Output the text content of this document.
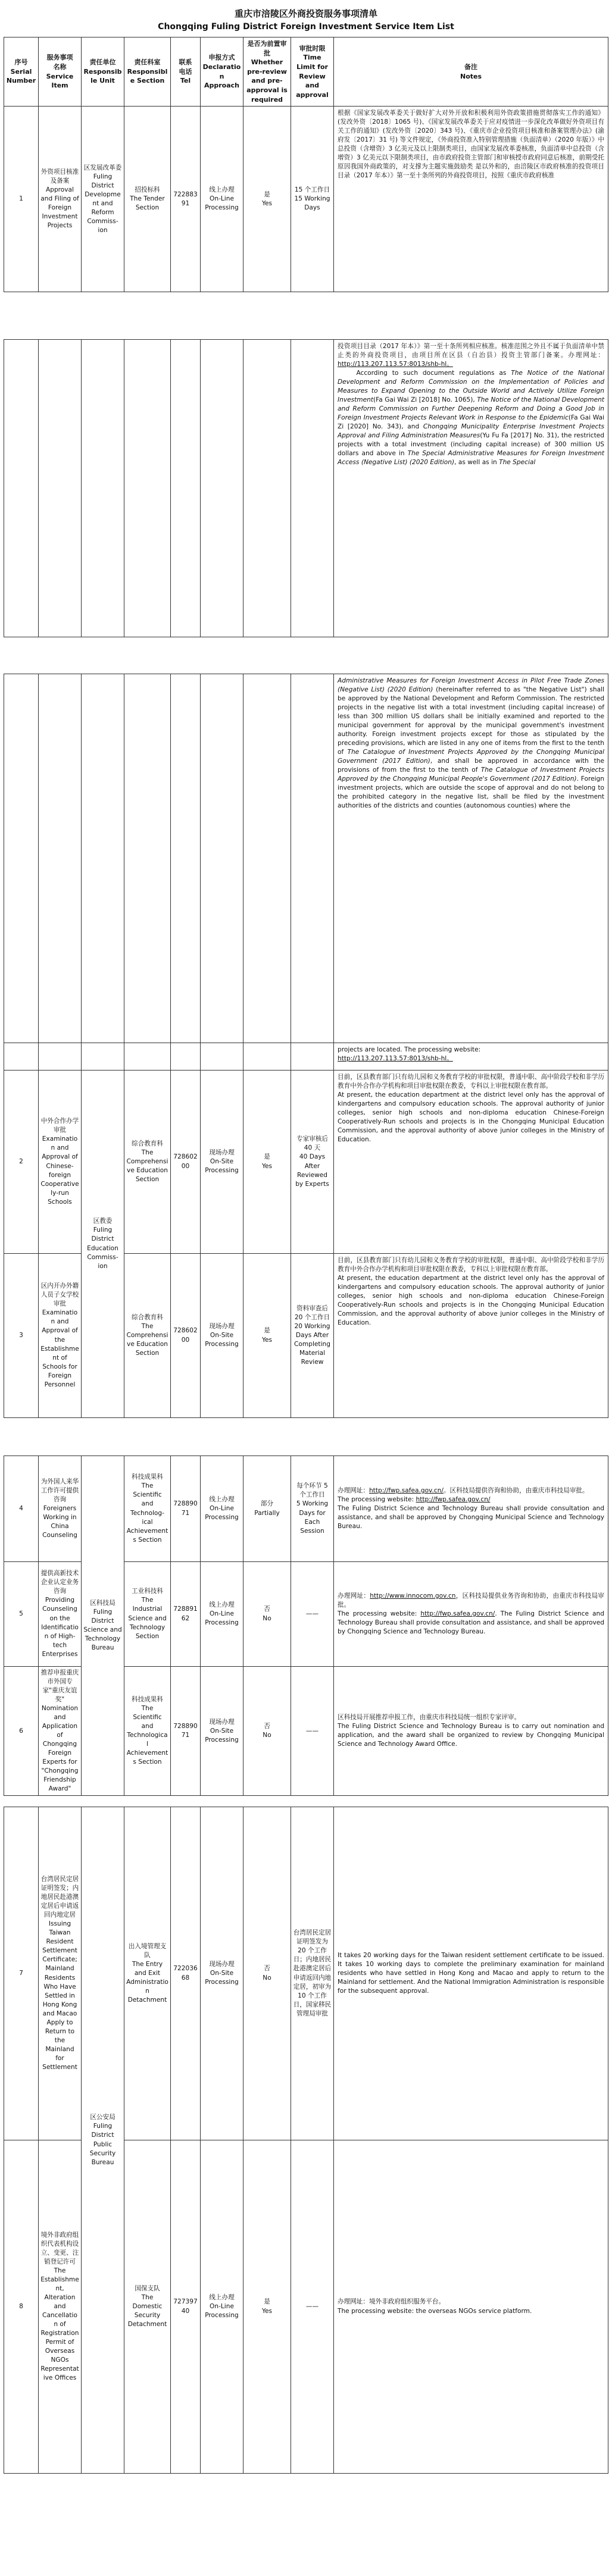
重庆市涪陵区外商投资服务事项清单
Chongqing Fuling District Foreign Investment Service Item List
序号
Serial Number	服务事项
名称
Service Item	责任单位
Responsible Unit	责任科室
Responsible Section	联系
电话
Tel	申报方式
Declaration Approach	是否为前置审批
Whether pre-review and pre-approval is required	审批时限
Time Limit for Review and approval	备注
Notes
1	外资项目核准及备案
Approval and Filing of Foreign Investment Projects	区发展改革委
Fuling District Development and Reform Commiss-ion	招投标科
The Tender Section	72288391	线上办理
On-Line Processing	是
Yes	15 个工作日
15 Working Days	根据《国家发展改革委关于做好扩大对外开放和积极利用外资政策措施贯彻落实工作的通知》(发改外资〔2018〕1065 号)、《国家发展改革委关于应对疫情进一步深化改革做好外资项目有关工作的通知》(发改外资〔2020〕343 号)、《重庆市企业投资项目核准和备案管理办法》(渝府发〔2017〕31 号) 等文件规定，《外商投资准入特别管理措施（负面清单）（2020 年版）》中总投资（含增资）3 亿美元及以上限制类项目，由国家发展改革委核准，负面清单中总投资（含增资）3 亿美元以下限制类项目，由市政府投资主管部门和审核授市政府同意后核准，前期受托原因我国外商政策的，对支撑为主题实施鼓励类 是以外和的，由涪陵区市政府核准的投资项目目录（2017 年本）》第一至十条所列的外商投资项目，按照《重庆市政府核准
								投资项目目录（2017 年本）》第一至十条所列相应核准。核准范围之外且不属于负面清单中禁止类的外商投资项目，由项目所在区县（自治县）投资主管部门备案。办理网址：http://113.207.113.57:8013/shb-hl。
According to such document regulations as The Notice of the National Development and Reform Commission on the Implementation of Policies and Measures to Expand Opening to the Outside World and Actively Utilize Foreign Investment(Fa Gai Wai Zi [2018] No. 1065), The Notice of the National Development and Reform Commission on Further Deepening Reform and Doing a Good Job in Foreign Investment Projects Relevant Work in Response to the Epidemic(Fa Gai Wai Zi [2020] No. 343), and Chongqing Municipality Enterprise Investment Projects Approval and Filing Administration Measures(Yu Fu Fa [2017] No. 31), the restricted projects with a total investment (including capital increase) of 300 million US dollars and above in The Special Administrative Measures for Foreign Investment Access (Negative List) (2020 Edition), as well as in The Special
								Administrative Measures for Foreign Investment Access in Pilot Free Trade Zones (Negative List) (2020 Edition) (hereinafter referred to as "the Negative List") shall be approved by the National Development and Reform Commission. The restricted projects in the negative list with a total investment (including capital increase) of less than 300 million US dollars shall be initially examined and reported to the municipal government for approval by the municipal government's investment authority. Foreign investment projects except for those as stipulated by the preceding provisions, which are listed in any one of items from the first to the tenth of The Catalogue of Investment Projects Approved by the Chongqing Municipal Government (2017 Edition), and shall be approved in accordance with the provisions of from the first to the tenth of The Catalogue of Investment Projects Approved by the Chongqing Municipal People's Government (2017 Edition). Foreign investment projects, which are outside the scope of approval and do not belong to the prohibited category in the negative list, shall be filed by the investment authorities of the districts and counties (autonomous counties) where the
								projects are located. The processing website:
http://113.207.113.57:8013/shb-hl。
2	中外合作办学审批
Examination and Approval of Chinese-foreign Cooperatively-run Schools	区教委
Fuling District Education Commiss-ion	综合教育科
The Comprehensive Education Section	72860200	现场办理
On-Site Processing	是
Yes	专家审核后 40 天
40 Days After Reviewed by Experts	目前，区县教育部门只有幼儿园和义务教育学校的审批权限，普通中职、高中阶段学校和非学历教育中外合作办学机构和项目审批权限在教委，专科以上审批权限在教育部。
At present, the education department at the district level only has the approval of kindergartens and compulsory education schools. The approval authority of junior colleges, senior high schools and non-diploma education Chinese-Foreign Cooperatively-Run schools and projects is in the Chongqing Municipal Education Commission, and the approval authority of above junior colleges in the Ministry of Education.
3	区内开办外籍人员子女学校审批
Examination and Approval of the Establishment of Schools for Foreign Personnel		综合教育科
The Comprehensive Education Section	72860200	现场办理
On-Site Processing	是
Yes	资料审查后 20 个工作日
20 Working Days After Completing Material Review	目前，区县教育部门只有幼儿园和义务教育学校的审批权限，普通中职、高中阶段学校和非学历教育中外合作办学机构和项目审批权限在教委，专科以上审批权限在教育部。
At present, the education department at the district level only has the approval of kindergartens and compulsory education schools. The approval authority of junior colleges, senior high schools and non-diploma education Chinese-Foreign Cooperatively-Run schools and projects is in the Chongqing Municipal Education Commission, and the approval authority of above junior colleges in the Ministry of Education.
4	为外国人来华工作许可提供咨询
Foreigners Working in China Counseling	区科技局
Fuling District Science and Technology Bureau	科技成果科
The Scientific and Technolog-ical Achievements Section	72889071	线上办理
On-Line Processing	部分
Partially	每个环节 5 个工作日
5 Working Days for Each Session	办理网址：http://fwp.safea.gov.cn/。区科技局提供咨询和协助，由重庆市科技局审批。
The processing website: http://fwp.safea.gov.cn/
The Fuling District Science and Technology Bureau shall provide consultation and assistance, and shall be approved by Chongqing Municipal Science and Technology Bureau.
5	提供高新技术企业认定业务咨询
Providing Counseling on the Identification of High-tech Enterprises		工业科技科
The Industrial Science and Technology Section	72889162	线上办理
On-Line Processing	否
No	——	办理网址：http://www.innocom.gov.cn，区科技局提供业务咨询和协助，由重庆市科技局审批。
The processing website: http://fwp.safea.gov.cn/. The Fuling District Science and Technology Bureau shall provide consultation and assistance, and shall be approved by Chongqing Science and Technology Bureau.
6	推荐申报重庆市外国专家"重庆友谊奖"
Nomination and Application of Chongqing Foreign Experts for "Chongqing Friendship Award"		科技成果科
The Scientific and Technological Achievements Section	72889071	现场办理
On-Site Processing	否
No	——	区科技局开展推荐申报工作，由重庆市科技局统一组织专家评审。
The Fuling District Science and Technology Bureau is to carry out nomination and application, and the award shall be organized to review by Chongqing Municipal Science and Technology Award Office.
7	台湾居民定居证明签发；内地居民赴港澳定居后申请返回内地定居
Issuing Taiwan Resident Settlement Certificate; Mainland Residents Who Have Settled in Hong Kong and Macao Apply to Return to the Mainland for Settlement	区公安局
Fuling District Public Security Bureau	出入境管理支队
The Entry and Exit Administration Detachment	72203668	现场办理
On-Site Processing	否
No	台湾居民定居证明签发为 20 个工作日；内地居民赴港澳定居后申请返回内地定居，初审为 10 个工作日，国家移民管理局审批	It takes 20 working days for the Taiwan resident settlement certificate to be issued. It takes 10 working days to complete the preliminary examination for mainland residents who have settled in Hong Kong and Macao and apply to return to the Mainland for settlement. And the National Immigration Administration is responsible for the subsequent approval.
8	境外非政府组织代表机构设立、变更、注销登记许可
The Establishment, Alteration and Cancellation of Registration Permit of Overseas NGOs Representative Offices		国保支队
The Domestic Security Detachment	72739740	线上办理
On-Line Processing	是
Yes	——	办理网址：境外非政府组织服务平台。
The processing website: the overseas NGOs service platform.
